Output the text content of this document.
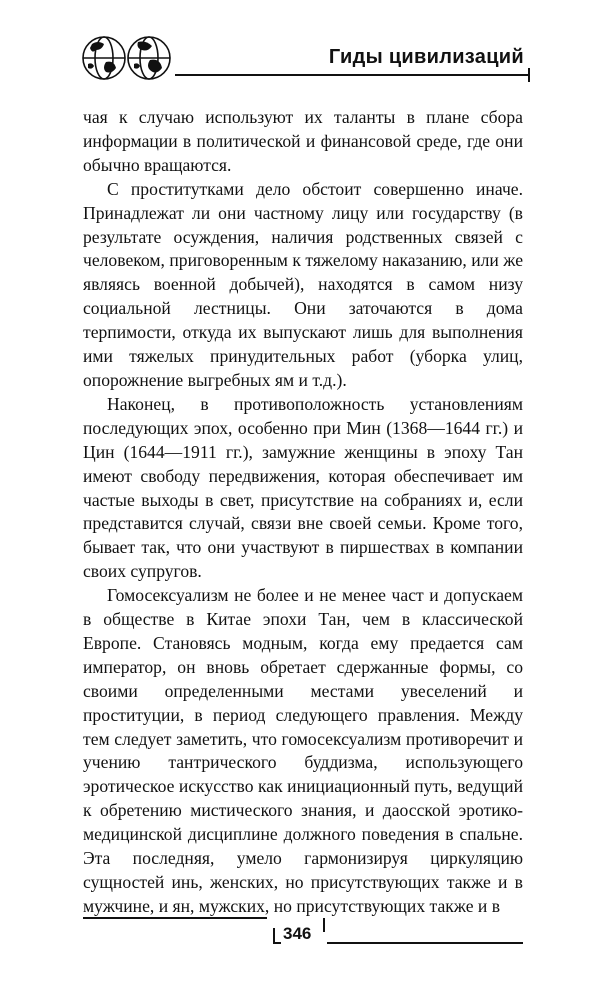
Гиды цивилизаций

чая к случаю используют их таланты в плане сбора информации в политической и финансовой среде, где они обычно вращаются.

С проститутками дело обстоит совершенно иначе. Принадлежат ли они частному лицу или государству (в результате осуждения, наличия родственных связей с человеком, приговоренным к тяжелому наказанию, или же являясь военной добычей), находятся в самом низу социальной лестницы. Они заточаются в дома терпимости, откуда их выпускают лишь для выполнения ими тяжелых принудительных работ (уборка улиц, опорожнение выгребных ям и т.д.).

Наконец, в противоположность установлениям последующих эпох, особенно при Мин (1368—1644 гг.) и Цин (1644—1911 гг.), замужние женщины в эпоху Тан имеют свободу передвижения, которая обеспечивает им частые выходы в свет, присутствие на собраниях и, если представится случай, связи вне своей семьи. Кроме того, бывает так, что они участвуют в пиршествах в компании своих супругов.

Гомосексуализм не более и не менее част и допускаем в обществе в Китае эпохи Тан, чем в классической Европе. Становясь модным, когда ему предается сам император, он вновь обретает сдержанные формы, со своими определенными местами увеселений и проституции, в период следующего правления. Между тем следует заметить, что гомосексуализм противоречит и учению тантрического буддизма, использующего эротическое искусство как инициационный путь, ведущий к обретению мистического знания, и даосской эротико-медицинской дисциплине должного поведения в спальне. Эта последняя, умело гармонизируя циркуляцию сущностей инь, женских, но присутствующих также и в мужчине, и ян, мужских, но присутствующих также и в

346
